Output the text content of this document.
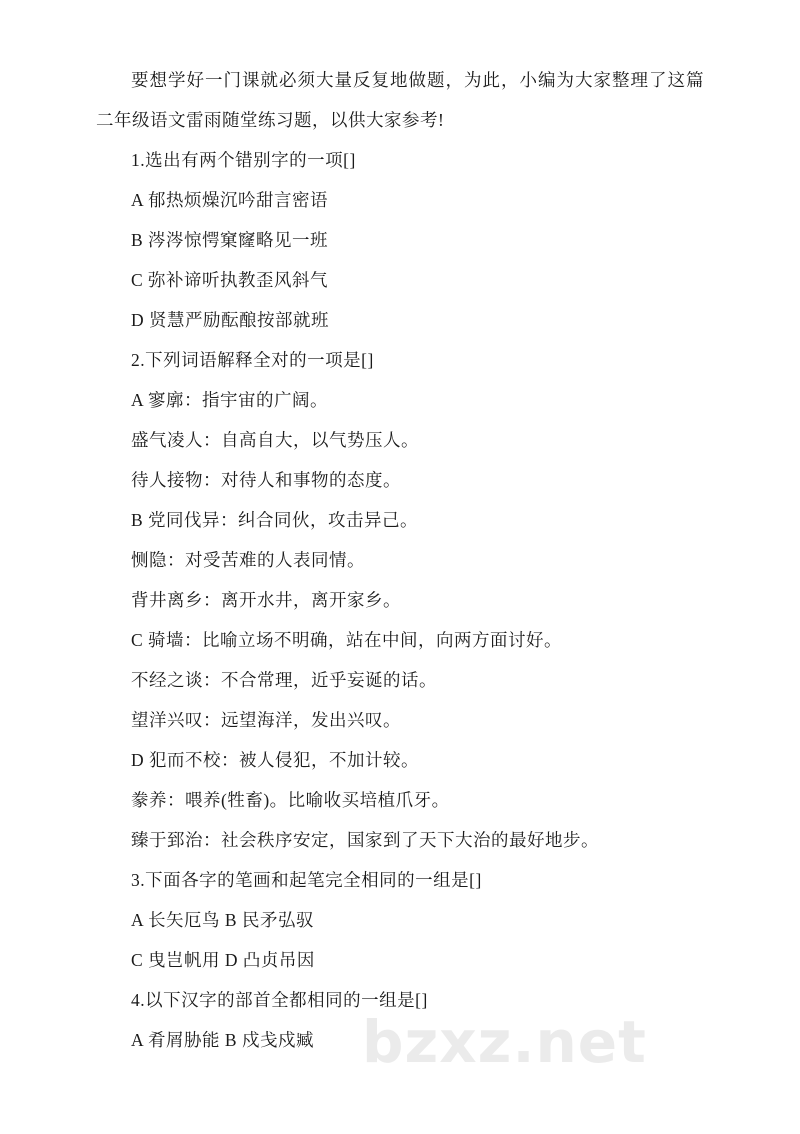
要想学好一门课就必须大量反复地做题，为此，小编为大家整理了这篇二年级语文雷雨随堂练习题，以供大家参考!

1.选出有两个错别字的一项[]

A 郁热烦燥沉吟甜言密语

B 涔涔惊愕窠窿略见一班

C 弥补谛听执教歪风斜气

D 贤慧严励酝酿按部就班

2.下列词语解释全对的一项是[]

A 寥廓：指宇宙的广阔。

盛气凌人：自高自大，以气势压人。

待人接物：对待人和事物的态度。

B 党同伐异：纠合同伙，攻击异己。

恻隐：对受苦难的人表同情。

背井离乡：离开水井，离开家乡。

C 骑墙：比喻立场不明确，站在中间，向两方面讨好。

不经之谈：不合常理，近乎妄诞的话。

望洋兴叹：远望海洋，发出兴叹。

D 犯而不校：被人侵犯，不加计较。

豢养：喂养(牲畜)。比喻收买培植爪牙。

臻于郅治：社会秩序安定，国家到了天下大治的最好地步。

3.下面各字的笔画和起笔完全相同的一组是[]

A 长矢厄鸟 B 民矛弘驭

C 曳岂帆用 D 凸贞吊因

4.以下汉字的部首全都相同的一组是[]

A 肴屑胁能 B 戍戋戍臧 bzxz.net
